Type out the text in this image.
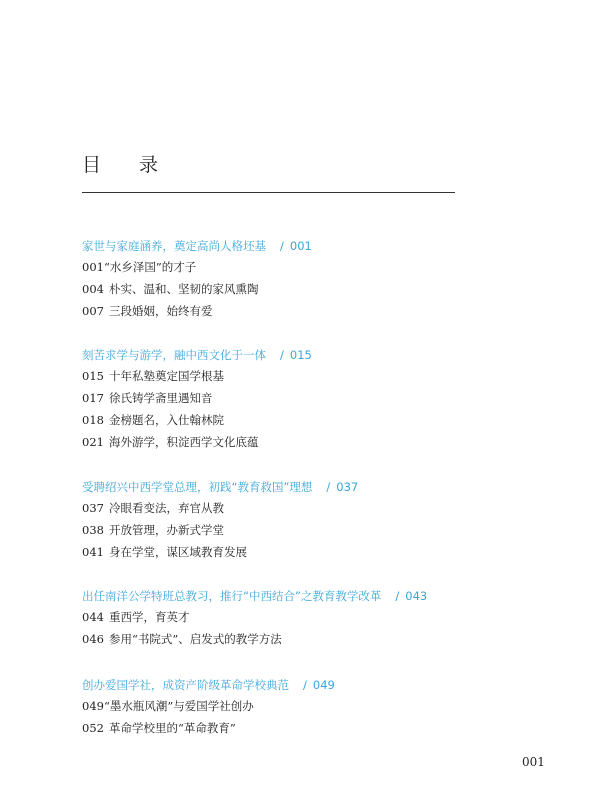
目 录
家世与家庭涵养，奠定高尚人格坯基 / 001
001“水乡泽国”的才子
004 朴实、温和、坚韧的家风熏陶
007 三段婚姻，始终有爱
刻苦求学与游学，融中西文化于一体 / 015
015 十年私塾奠定国学根基
017 徐氏铸学斋里遇知音
018 金榜题名，入仕翰林院
021 海外游学，积淀西学文化底蕴
受聘绍兴中西学堂总理，初践“教育救国”理想 / 037
037 冷眼看变法，弃官从教
038 开放管理，办新式学堂
041 身在学堂，谋区域教育发展
出任南洋公学特班总教习，推行“中西结合”之教育教学改革 / 043
044 重西学，育英才
046 参用“书院式”、启发式的教学方法
创办爱国学社，成资产阶级革命学校典范 / 049
049“墨水瓶风潮”与爱国学社创办
052 革命学校里的“革命教育”
001
